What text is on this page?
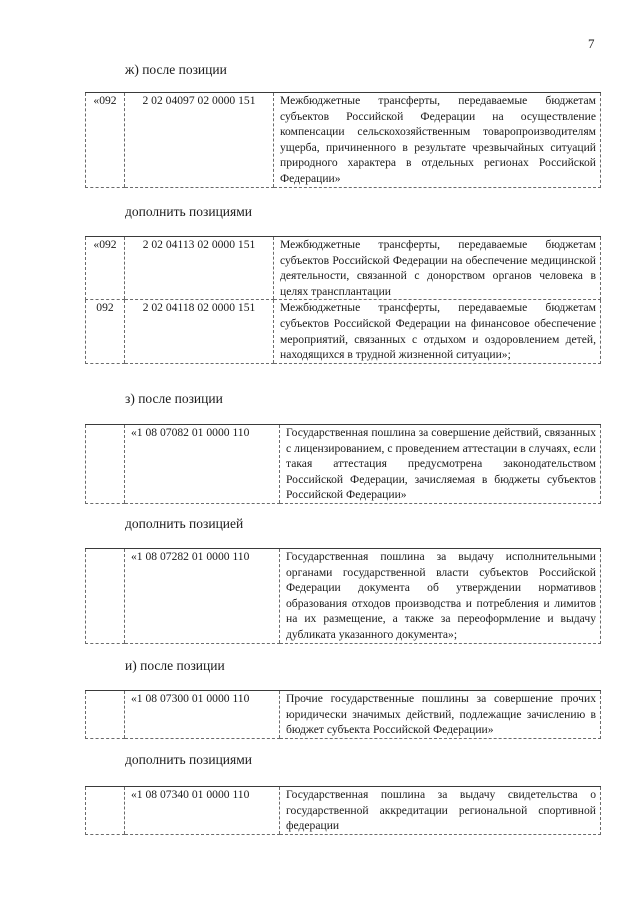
7
ж) после позиции
«092	2 02 04097 02 0000 151	Межбюджетные трансферты, передаваемые бюджетам субъектов Российской Федерации на осуществление компенсации сельскохозяйственным товаропроизводителям ущерба, причиненного в результате чрезвычайных ситуаций природного характера в отдельных регионах Российской Федерации»
дополнить позициями
«092	2 02 04113 02 0000 151	Межбюджетные трансферты, передаваемые бюджетам субъектов Российской Федерации на обеспечение медицинской деятельности, связанной с донорством органов человека в целях трансплантации

092	2 02 04118 02 0000 151	Межбюджетные трансферты, передаваемые бюджетам субъектов Российской Федерации на финансовое обеспечение мероприятий, связанных с отдыхом и оздоровлением детей, находящихся в трудной жизненной ситуации»;
з) после позиции
	«1 08 07082 01 0000 110	Государственная пошлина за совершение действий, связанных с лицензированием, с проведением аттестации в случаях, если такая аттестация предусмотрена законодательством Российской Федерации, зачисляемая в бюджеты субъектов Российской Федерации»
дополнить позицией
	«1 08 07282 01 0000 110	Государственная пошлина за выдачу исполнительными органами государственной власти субъектов Российской Федерации документа об утверждении нормативов образования отходов производства и потребления и лимитов на их размещение, а также за переоформление и выдачу дубликата указанного документа»;
и) после позиции
	«1 08 07300 01 0000 110	Прочие государственные пошлины за совершение прочих юридически значимых действий, подлежащие зачислению в бюджет субъекта Российской Федерации»
дополнить позициями
	«1 08 07340 01 0000 110	Государственная пошлина за выдачу свидетельства о государственной аккредитации региональной спортивной федерации
